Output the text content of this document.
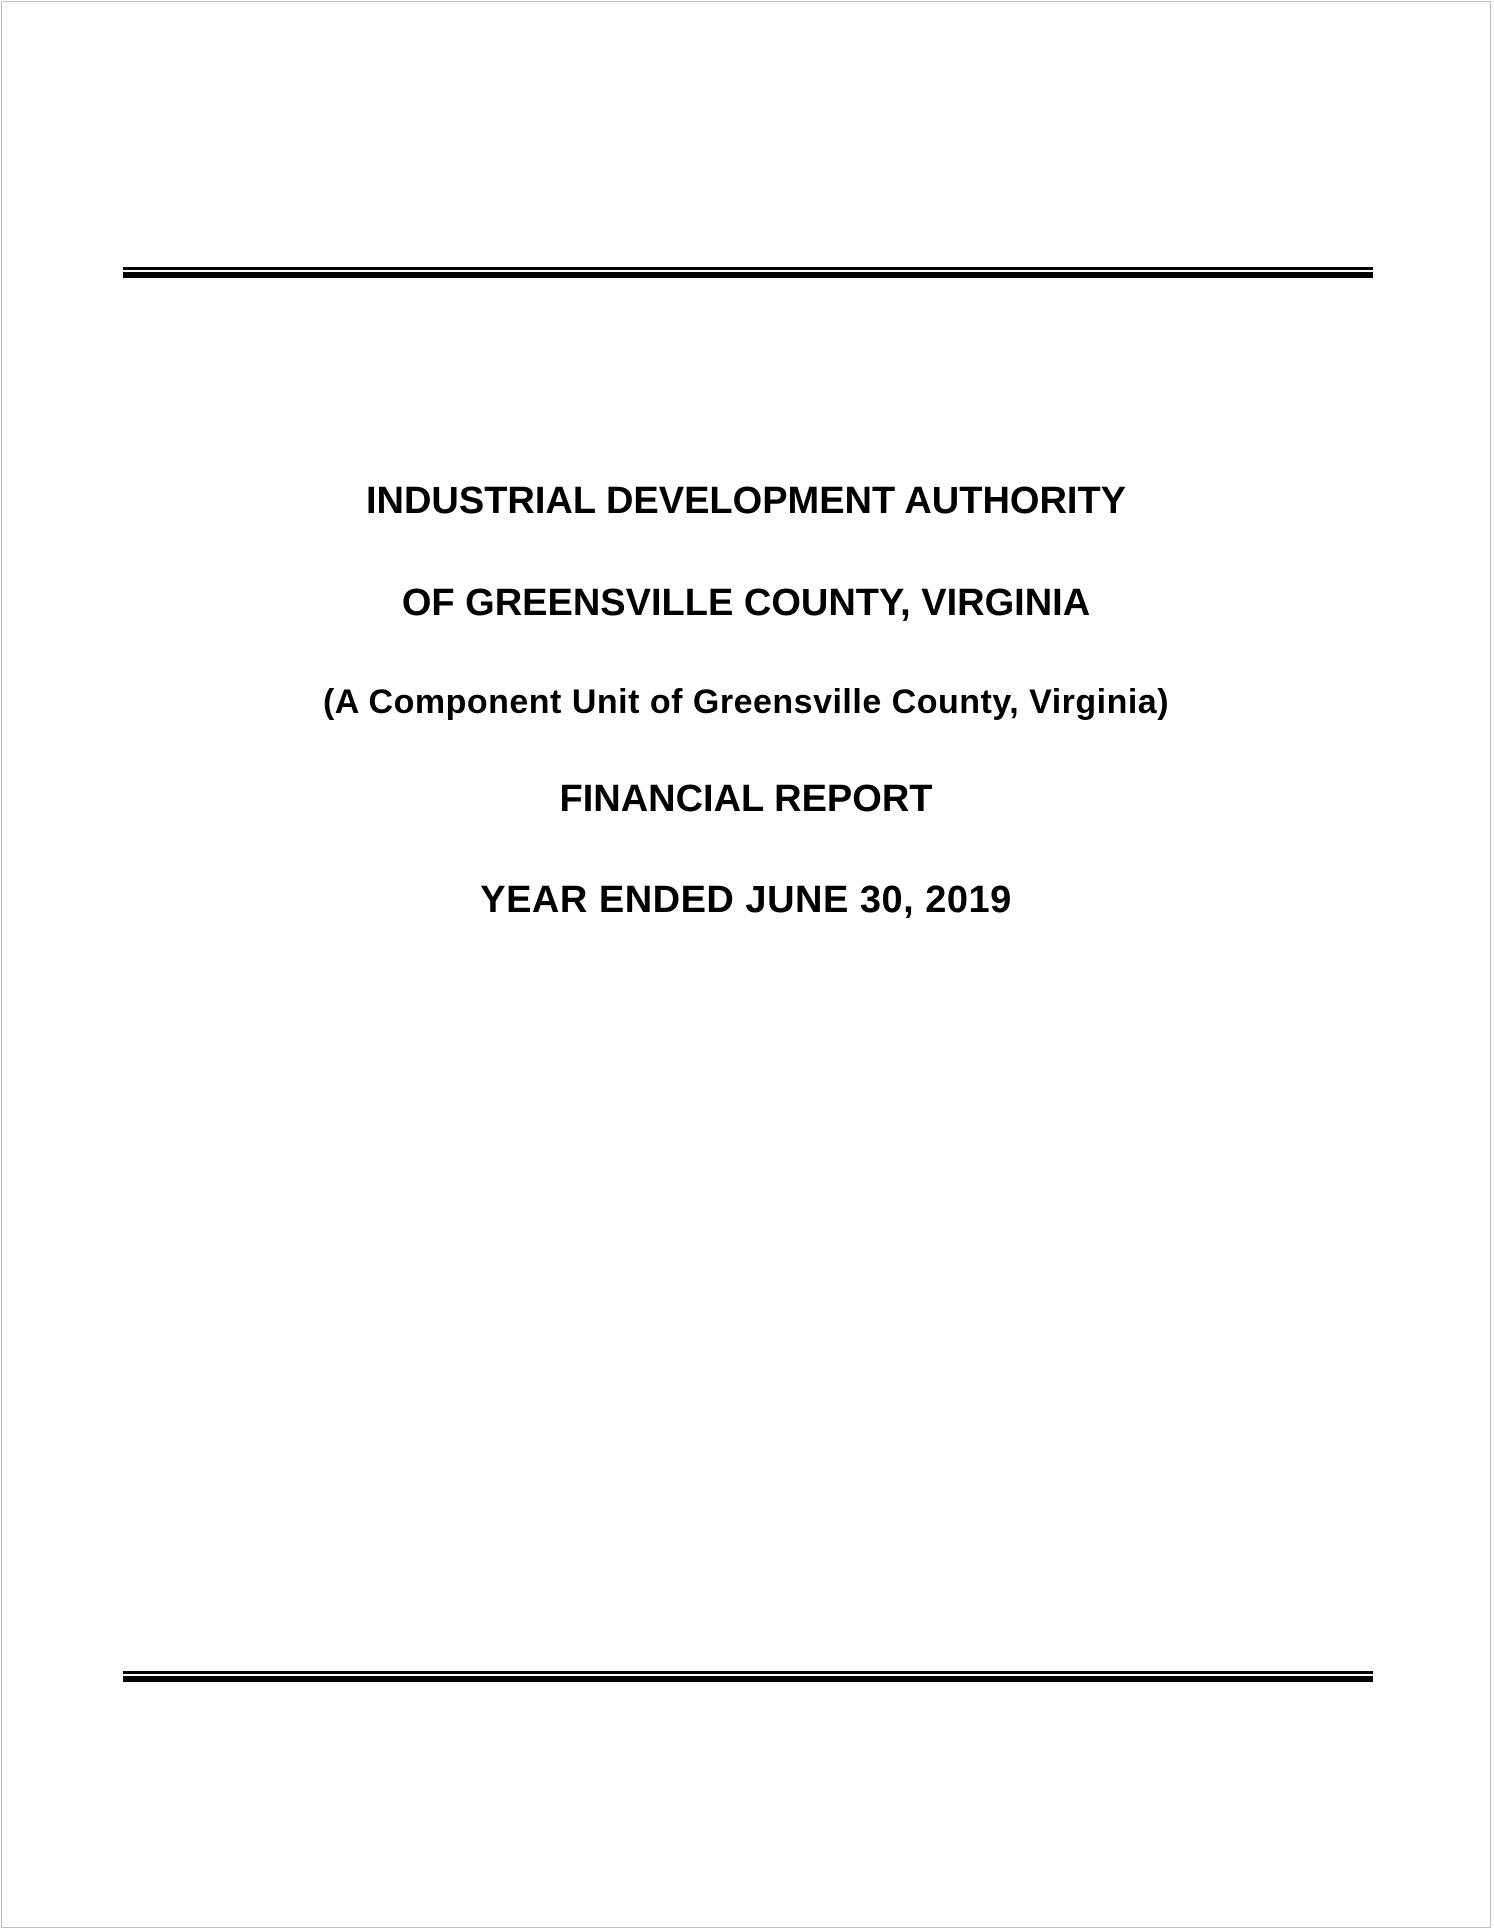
INDUSTRIAL DEVELOPMENT AUTHORITY
OF GREENSVILLE COUNTY, VIRGINIA
(A Component Unit of Greensville County, Virginia)
FINANCIAL REPORT
YEAR ENDED JUNE 30, 2019
